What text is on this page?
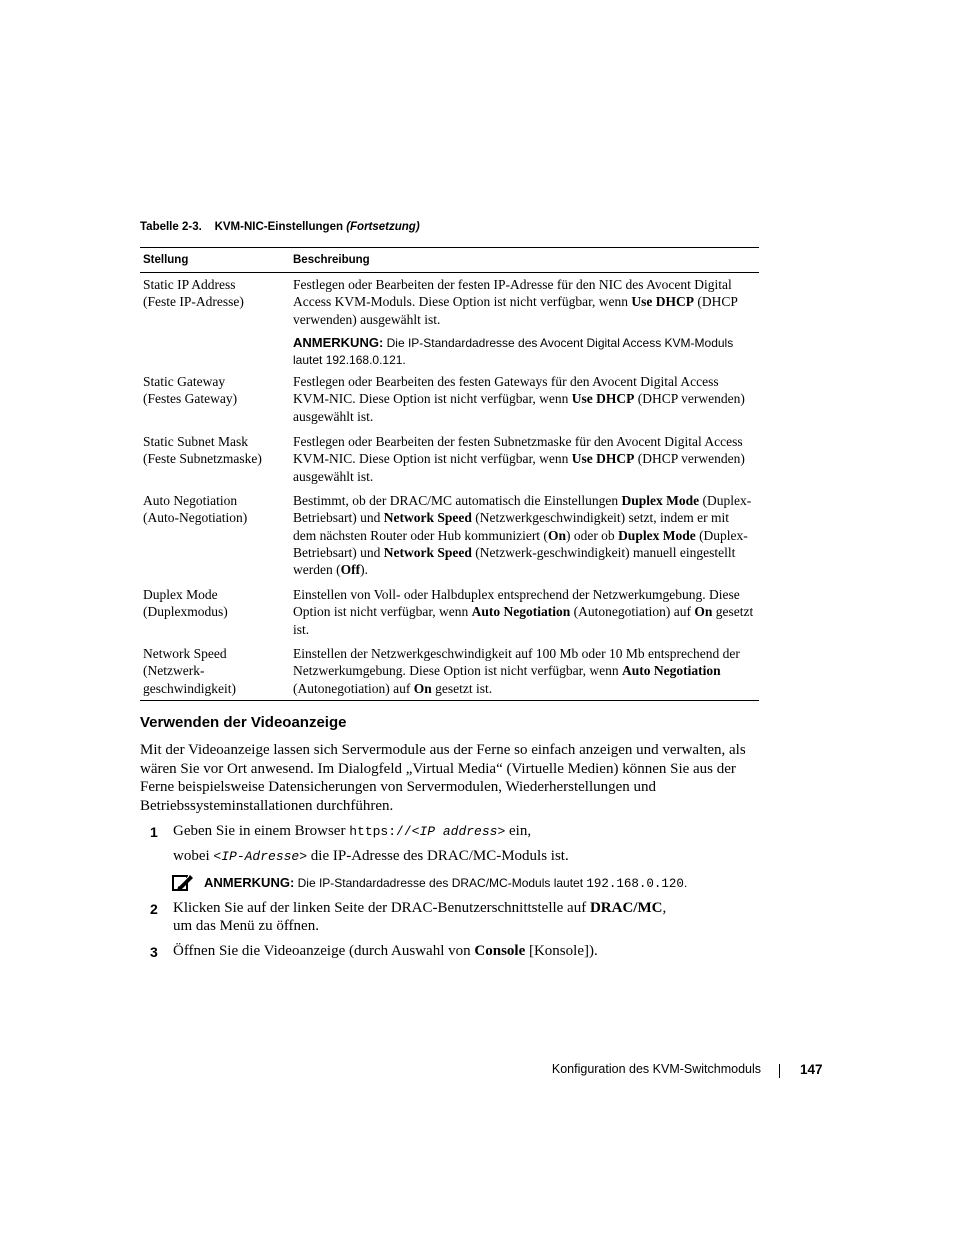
Tabelle 2-3. KVM-NIC-Einstellungen (Fortsetzung)
Stellung	Beschreibung
Static IP Address
(Feste IP-Adresse)
Festlegen oder Bearbeiten der festen IP-Adresse für den NIC des Avocent Digital Access KVM-Moduls. Diese Option ist nicht verfügbar, wenn Use DHCP (DHCP verwenden) ausgewählt ist.
ANMERKUNG: Die IP-Standardadresse des Avocent Digital Access KVM-Moduls lautet 192.168.0.121.
Static Gateway
(Festes Gateway)
Festlegen oder Bearbeiten des festen Gateways für den Avocent Digital Access KVM-NIC. Diese Option ist nicht verfügbar, wenn Use DHCP (DHCP verwenden) ausgewählt ist.
Static Subnet Mask
(Feste Subnetzmaske)
Festlegen oder Bearbeiten der festen Subnetzmaske für den Avocent Digital Access KVM-NIC. Diese Option ist nicht verfügbar, wenn Use DHCP (DHCP verwenden) ausgewählt ist.
Auto Negotiation
(Auto-Negotiation)
Bestimmt, ob der DRAC/MC automatisch die Einstellungen Duplex Mode (Duplex-Betriebsart) und Network Speed (Netzwerkgeschwindigkeit) setzt, indem er mit dem nächsten Router oder Hub kommuniziert (On) oder ob Duplex Mode (Duplex-Betriebsart) und Network Speed (Netzwerk-geschwindigkeit) manuell eingestellt werden (Off).
Duplex Mode
(Duplexmodus)
Einstellen von Voll- oder Halbduplex entsprechend der Netzwerkumgebung. Diese Option ist nicht verfügbar, wenn Auto Negotiation (Autonegotiation) auf On gesetzt ist.
Network Speed
(Netzwerk-geschwindigkeit)
Einstellen der Netzwerkgeschwindigkeit auf 100 Mb oder 10 Mb entsprechend der Netzwerkumgebung. Diese Option ist nicht verfügbar, wenn Auto Negotiation (Autonegotiation) auf On gesetzt ist.
Verwenden der Videoanzeige
Mit der Videoanzeige lassen sich Servermodule aus der Ferne so einfach anzeigen und verwalten, als wären Sie vor Ort anwesend. Im Dialogfeld „Virtual Media“ (Virtuelle Medien) können Sie aus der Ferne beispielsweise Datensicherungen von Servermodulen, Wiederherstellungen und Betriebssysteminstallationen durchführen.
1 Geben Sie in einem Browser https://<IP address> ein,
wobei <IP-Adresse> die IP-Adresse des DRAC/MC-Moduls ist.
ANMERKUNG: Die IP-Standardadresse des DRAC/MC-Moduls lautet 192.168.0.120.
2 Klicken Sie auf der linken Seite der DRAC-Benutzerschnittstelle auf DRAC/MC,
um das Menü zu öffnen.
3 Öffnen Sie die Videoanzeige (durch Auswahl von Console [Konsole]).
Konfiguration des KVM-Switchmoduls	147
